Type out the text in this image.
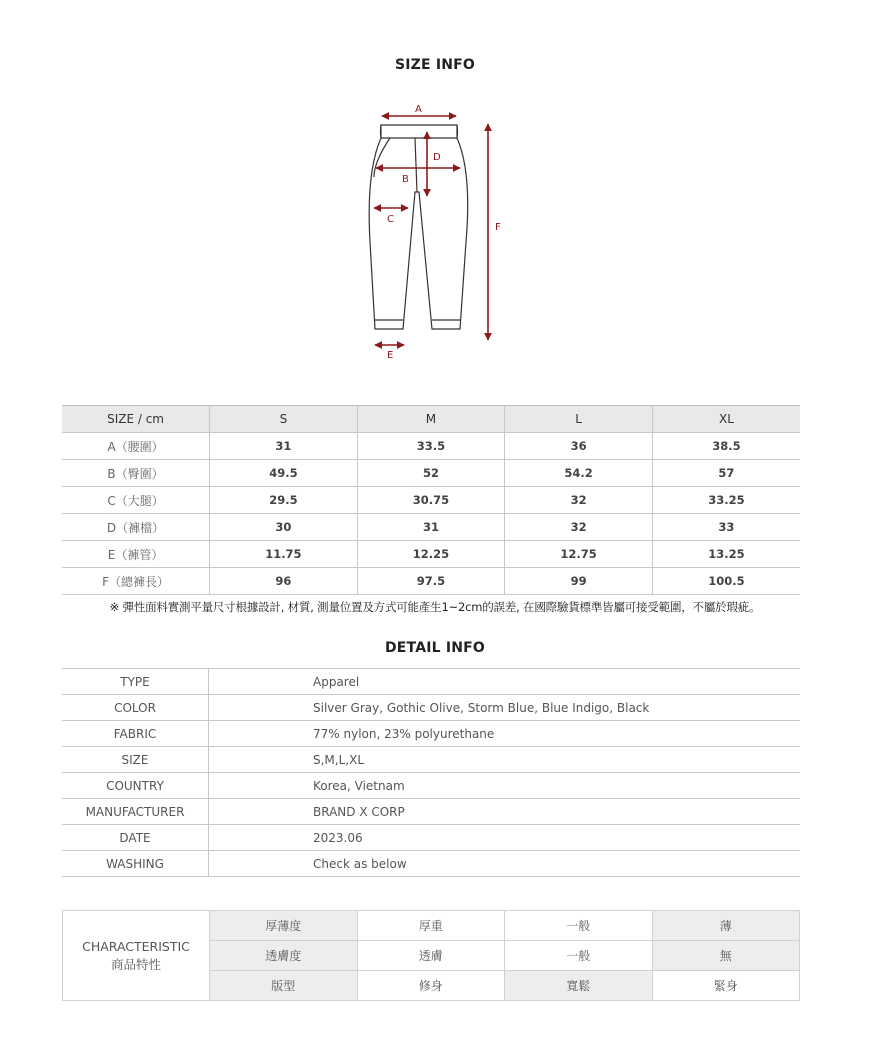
SIZE INFO
A
B
D
C
E
F
SIZE / cm	S	M	L	XL
A（腰圍）	31	33.5	36	38.5
B（臀圍）	49.5	52	54.2	57
C（大腿）	29.5	30.75	32	33.25
D（褲檔）	30	31	32	33
E（褲管）	11.75	12.25	12.75	13.25
F（總褲長）	96	97.5	99	100.5
※ 彈性面料實測平量尺寸根據設計, 材質, 測量位置及方式可能產生1~2cm的誤差, 在國際驗貨標準皆屬可接受範圍，不屬於瑕疵。
DETAIL INFO
TYPE	Apparel
COLOR	Silver Gray, Gothic Olive, Storm Blue, Blue Indigo, Black
FABRIC	77% nylon, 23% polyurethane
SIZE	S,M,L,XL
COUNTRY	Korea, Vietnam
MANUFACTURER	BRAND X CORP
DATE	2023.06
WASHING	Check as below
CHARACTERISTIC
商品特性	厚薄度	厚重	一般	薄
	透膚度	透膚	一般	無
	版型	修身	寬鬆	緊身
